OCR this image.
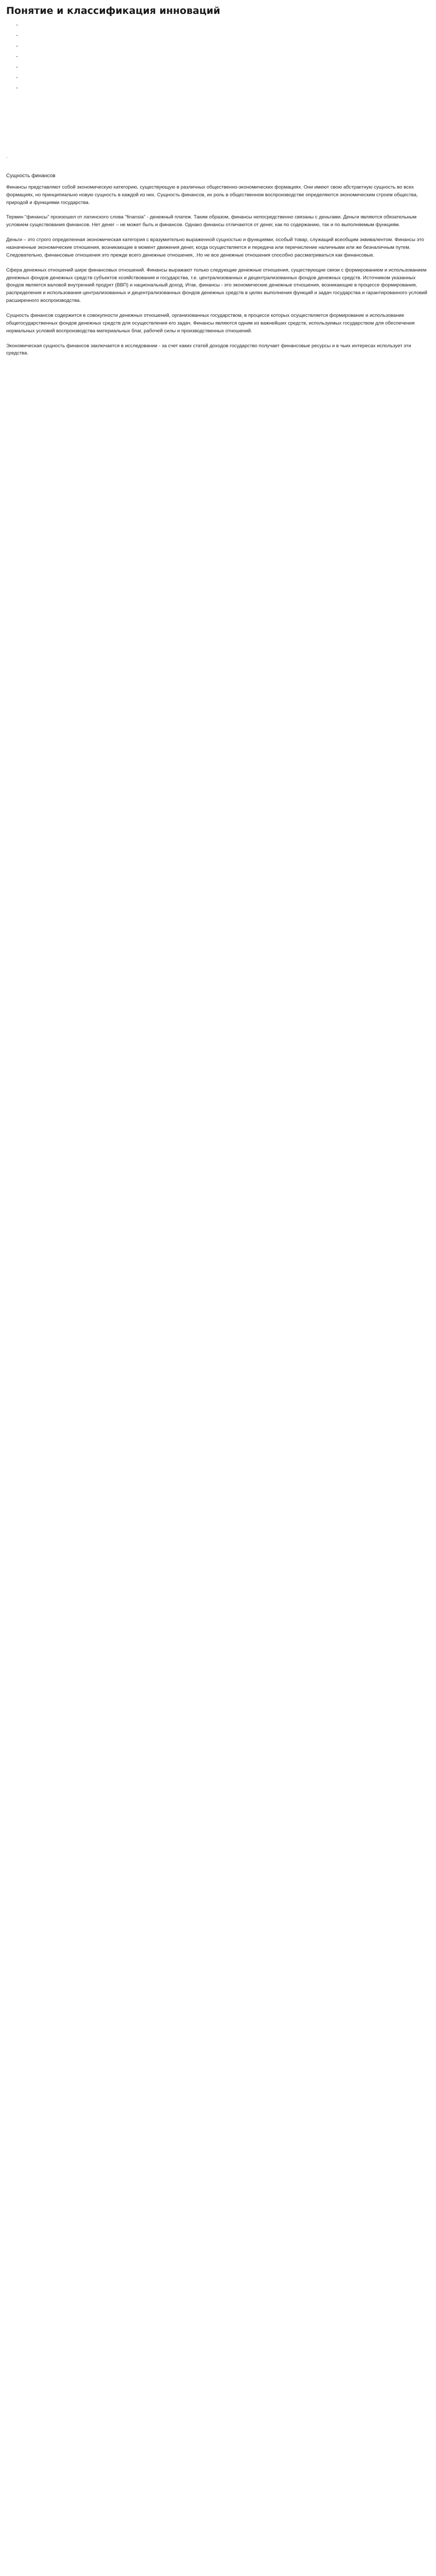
Понятие и классификация инноваций

•

•

•

•

•

•

•

.
Сущность финансов

Финансы представляют собой экономическую категорию, существующую в различных общественно-экономических формациях. Они имеют свою абстрактную сущность во всех формациях, но принципиально новую сущность в каждой из них. Сущность финансов, их роль в общественном воспроизводстве определяются экономическим строем общества, природой и функциями государства.

Термин "финансы" произошел от латинского слова "finansia" - денежный платеж. Таким образом, финансы непосредственно связаны с деньгами. Деньги являются обязательным условием существования финансов. Нет денег – не может быть и финансов. Однако финансы отличаются от денег, как по содержанию, так и по выполняемым функциям.

Деньги – это строго определенная экономическая категория с вразумительно выраженной сущностью и функциями, особый товар, служащий всеобщим эквивалентом. Финансы это назначенные экономические отношения, возникающие в момент движения денег, когда осуществляется и передача или перечисление наличными или же безналичным путем. Следовательно, финансовые отношения это прежде всего денежные отношения, .Но не все денежные отношения способно рассматриваться как финансовые.

Сфера денежных отношений шире финансовых отношений. Финансы выражают только следующие денежные отношения, существующие связи с формированием и использованием денежных фондов денежных средств субъектов хозяйствования и государства, т.е. централизованных и децентрализованных фондов денежных средств. Источником указанных фондов является валовой внутренний продукт (ВВП) и национальный доход. Итак, финансы - это экономические денежные отношения, возникающие в процессе формирования, распределения и использования централизованных и децентрализованных фондов денежных средств в целях выполнения функций и задач государства и гарантированного условий расширенного воспроизводства.

Сущность финансов содержится в совокупности денежных отношений, организованных государством, в процессе которых осуществляется формирование и использование общегосударственных фондов денежных средств для осуществления его задач. Финансы являются одним из важнейших средств, используемых государством для обеспечения нормальных условий воспроизводства материальных благ, рабочей силы и производственных отношений.

Экономическая сущность финансов заключается в исследовании - за счет каких статей доходов государство получает финансовые ресурсы и в чьих интересах использует эти средства.
